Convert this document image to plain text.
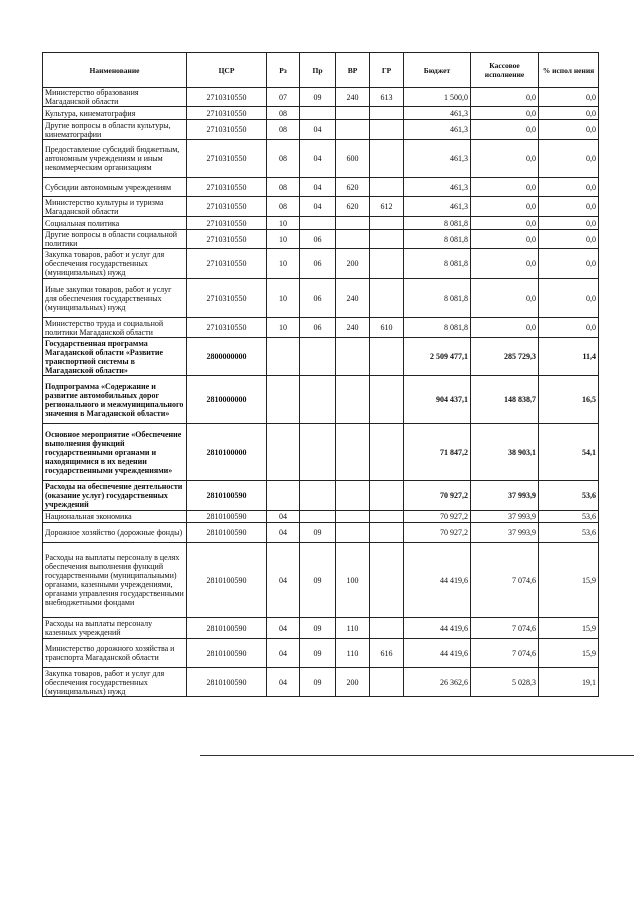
Наименование	ЦСР	Рз	Пр	ВР	ГР	Бюджет	Кассовое исполнение	% испол нения
Министерство образования Магаданской области	2710310550	07	09	240	613	1 500,0	0,0	0,0
Культура, кинематография	2710310550	08				461,3	0,0	0,0
Другие вопросы в области культуры, кинематографии	2710310550	08	04			461,3	0,0	0,0
Предоставление субсидий бюджетным, автономным учреждениям и иным некоммерческим организациям	2710310550	08	04	600		461,3	0,0	0,0
Субсидии автономным учреждениям	2710310550	08	04	620		461,3	0,0	0,0
Министерство культуры и туризма Магаданской области	2710310550	08	04	620	612	461,3	0,0	0,0
Социальная политика	2710310550	10				8 081,8	0,0	0,0
Другие вопросы в области социальной политики	2710310550	10	06			8 081,8	0,0	0,0
Закупка товаров, работ и услуг для обеспечения государственных (муниципальных) нужд	2710310550	10	06	200		8 081,8	0,0	0,0
Иные закупки товаров, работ и услуг для обеспечения государственных (муниципальных) нужд	2710310550	10	06	240		8 081,8	0,0	0,0
Министерство труда и социальной политики Магаданской области	2710310550	10	06	240	610	8 081,8	0,0	0,0
Государственная программа Магаданской области «Развитие транспортной системы в Магаданской области»	2800000000					2 509 477,1	285 729,3	11,4
Подпрограмма «Содержание и развитие автомобильных дорог регионального и межмуниципального значения в Магаданской области»	2810000000					904 437,1	148 838,7	16,5
Основное мероприятие «Обеспечение выполнения функций государственными органами и находящимися в их ведении государственными учреждениями»	2810100000					71 847,2	38 903,1	54,1
Расходы на обеспечение деятельности (оказание услуг) государственных учреждений	2810100590					70 927,2	37 993,9	53,6
Национальная экономика	2810100590	04				70 927,2	37 993,9	53,6
Дорожное хозяйство (дорожные фонды)	2810100590	04	09			70 927,2	37 993,9	53,6
Расходы на выплаты персоналу в целях обеспечения выполнения функций государственными (муниципальными) органами, казенными учреждениями, органами управления государственными внебюджетными фондами	2810100590	04	09	100		44 419,6	7 074,6	15,9
Расходы на выплаты персоналу казенных учреждений	2810100590	04	09	110		44 419,6	7 074,6	15,9
Министерство дорожного хозяйства и транспорта Магаданской области	2810100590	04	09	110	616	44 419,6	7 074,6	15,9
Закупка товаров, работ и услуг для обеспечения государственных (муниципальных) нужд	2810100590	04	09	200		26 362,6	5 028,3	19,1
